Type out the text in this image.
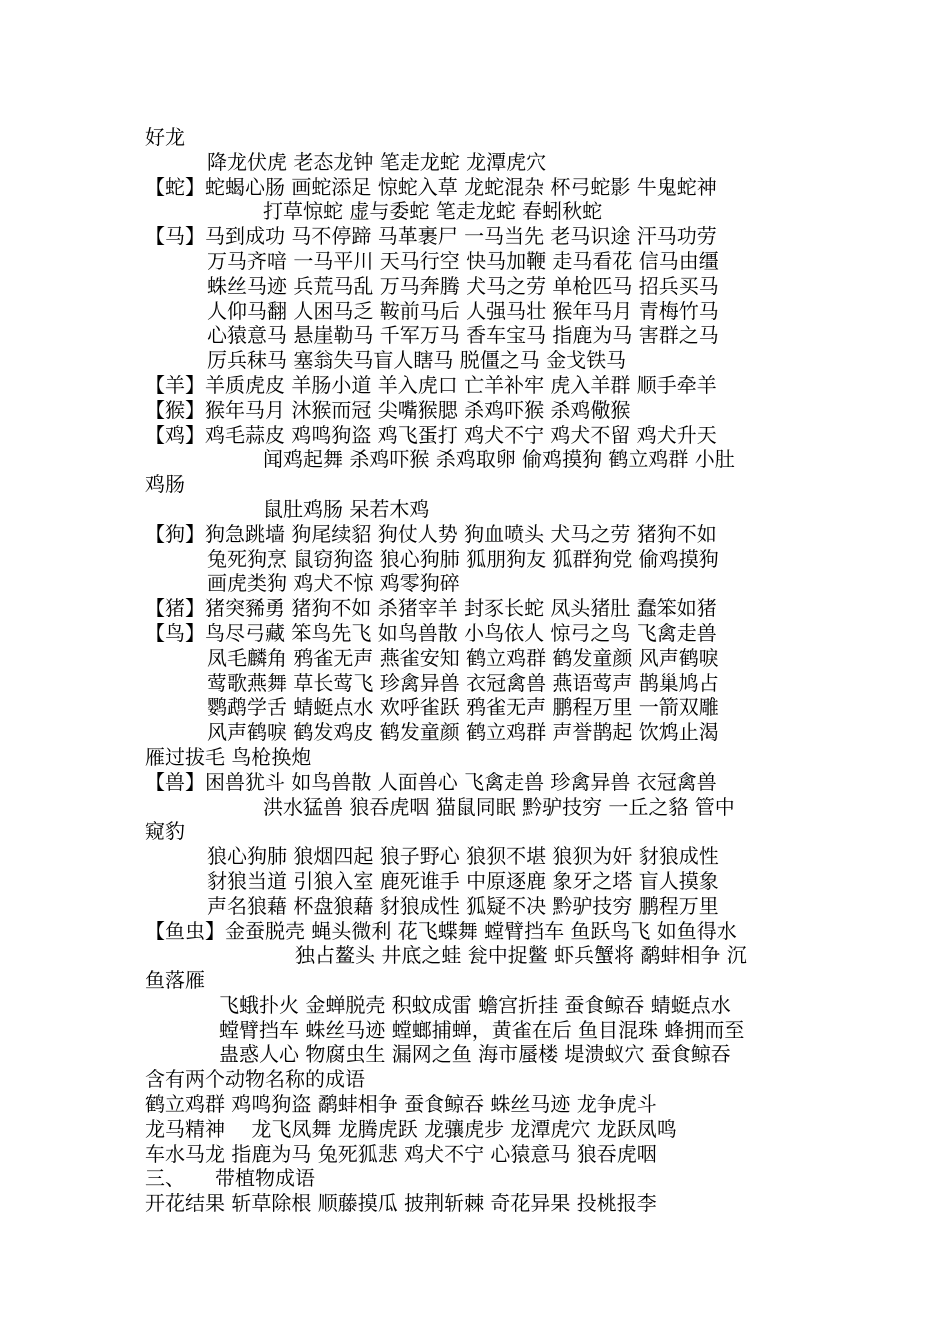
好龙
降龙伏虎 老态龙钟 笔走龙蛇 龙潭虎穴
【蛇】蛇蝎心肠 画蛇添足 惊蛇入草 龙蛇混杂 杯弓蛇影 牛鬼蛇神
打草惊蛇 虚与委蛇 笔走龙蛇 春蚓秋蛇
【马】马到成功 马不停蹄 马革裹尸 一马当先 老马识途 汗马功劳
万马齐喑 一马平川 天马行空 快马加鞭 走马看花 信马由缰
蛛丝马迹 兵荒马乱 万马奔腾 犬马之劳 单枪匹马 招兵买马
人仰马翻 人困马乏 鞍前马后 人强马壮 猴年马月 青梅竹马
心猿意马 悬崖勒马 千军万马 香车宝马 指鹿为马 害群之马
厉兵秣马 塞翁失马盲人瞎马 脱僵之马 金戈铁马
【羊】羊质虎皮 羊肠小道 羊入虎口 亡羊补牢 虎入羊群 顺手牵羊
【猴】猴年马月 沐猴而冠 尖嘴猴腮 杀鸡吓猴 杀鸡儆猴
【鸡】鸡毛蒜皮 鸡鸣狗盗 鸡飞蛋打 鸡犬不宁 鸡犬不留 鸡犬升天
闻鸡起舞 杀鸡吓猴 杀鸡取卵 偷鸡摸狗 鹤立鸡群 小肚
鸡肠
鼠肚鸡肠 呆若木鸡
【狗】狗急跳墙 狗尾续貂 狗仗人势 狗血喷头 犬马之劳 猪狗不如
兔死狗烹 鼠窃狗盗 狼心狗肺 狐朋狗友 狐群狗党 偷鸡摸狗
画虎类狗 鸡犬不惊 鸡零狗碎
【猪】猪突豨勇 猪狗不如 杀猪宰羊 封豕长蛇 凤头猪肚 蠢笨如猪
【鸟】鸟尽弓藏 笨鸟先飞 如鸟兽散 小鸟依人 惊弓之鸟 飞禽走兽
凤毛麟角 鸦雀无声 燕雀安知 鹤立鸡群 鹤发童颜 风声鹤唳
莺歌燕舞 草长莺飞 珍禽异兽 衣冠禽兽 燕语莺声 鹊巢鸠占
鹦鹉学舌 蜻蜓点水 欢呼雀跃 鸦雀无声 鹏程万里 一箭双雕
风声鹤唳 鹤发鸡皮 鹤发童颜 鹤立鸡群 声誉鹊起 饮鸩止渴
雁过拔毛 鸟枪换炮
【兽】困兽犹斗 如鸟兽散 人面兽心 飞禽走兽 珍禽异兽 衣冠禽兽
洪水猛兽 狼吞虎咽 猫鼠同眠 黔驴技穷 一丘之貉 管中
窥豹
狼心狗肺 狼烟四起 狼子野心 狼狈不堪 狼狈为奸 豺狼成性
豺狼当道 引狼入室 鹿死谁手 中原逐鹿 象牙之塔 盲人摸象
声名狼藉 杯盘狼藉 豺狼成性 狐疑不决 黔驴技穷 鹏程万里
【鱼虫】金蚕脱壳 蝇头微利 花飞蝶舞 螳臂挡车 鱼跃鸟飞 如鱼得水
独占鳌头 井底之蛙 瓮中捉鳖 虾兵蟹将 鹬蚌相争 沉
鱼落雁
飞蛾扑火 金蝉脱壳 积蚊成雷 蟾宫折挂 蚕食鲸吞 蜻蜓点水
螳臂挡车 蛛丝马迹 螳螂捕蝉，黄雀在后 鱼目混珠 蜂拥而至
蛊惑人心 物腐虫生 漏网之鱼 海市蜃楼 堤溃蚁穴 蚕食鲸吞
含有两个动物名称的成语
鹤立鸡群 鸡鸣狗盗 鹬蚌相争 蚕食鲸吞 蛛丝马迹 龙争虎斗
龙马精神　 龙飞凤舞 龙腾虎跃 龙骧虎步 龙潭虎穴 龙跃凤鸣
车水马龙 指鹿为马 兔死狐悲 鸡犬不宁 心猿意马 狼吞虎咽
三、　　带植物成语
开花结果 斩草除根 顺藤摸瓜 披荆斩棘 奇花异果 投桃报李
